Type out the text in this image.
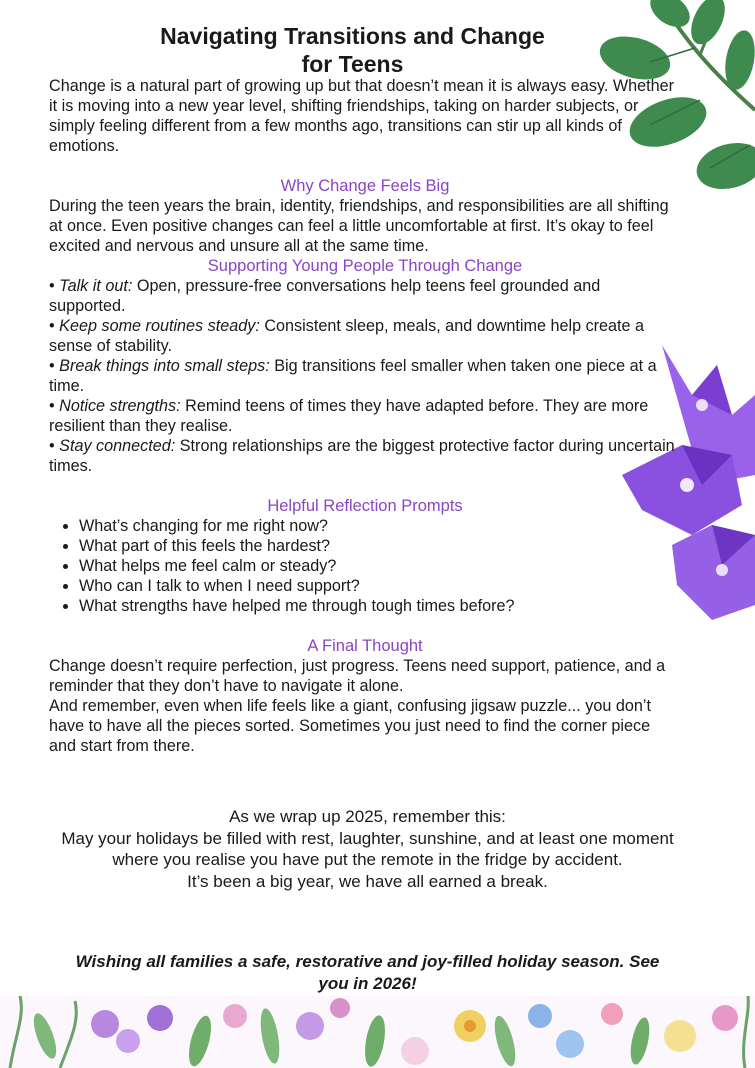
Navigating Transitions and Change
for Teens

Change is a natural part of growing up but that doesn’t mean it is always easy. Whether it is moving into a new year level, shifting friendships, taking on harder subjects, or simply feeling different from a few months ago, transitions can stir up all kinds of emotions.

Why Change Feels Big

During the teen years the brain, identity, friendships, and responsibilities are all shifting at once. Even positive changes can feel a little uncomfortable at first. It’s okay to feel excited and nervous and unsure all at the same time.

Supporting Young People Through Change
• Talk it out: Open, pressure-free conversations help teens feel grounded and supported.
• Keep some routines steady: Consistent sleep, meals, and downtime help create a sense of stability.
• Break things into small steps: Big transitions feel smaller when taken one piece at a time.
• Notice strengths: Remind teens of times they have adapted before. They are more resilient than they realise.
• Stay connected: Strong relationships are the biggest protective factor during uncertain times.
Helpful Reflection Prompts
• What’s changing for me right now?
• What part of this feels the hardest?
• What helps me feel calm or steady?
• Who can I talk to when I need support?
• What strengths have helped me through tough times before?
A Final Thought

Change doesn’t require perfection, just progress. Teens need support, patience, and a reminder that they don’t have to navigate it alone.

And remember, even when life feels like a giant, confusing jigsaw puzzle... you don’t have to have all the pieces sorted. Sometimes you just need to find the corner piece and start from there.

As we wrap up 2025, remember this:

May your holidays be filled with rest, laughter, sunshine, and at least one moment where you realise you have put the remote in the fridge by accident.

It’s been a big year, we have all earned a break.

Wishing all families a safe, restorative and joy-filled holiday season. See you in 2026!
